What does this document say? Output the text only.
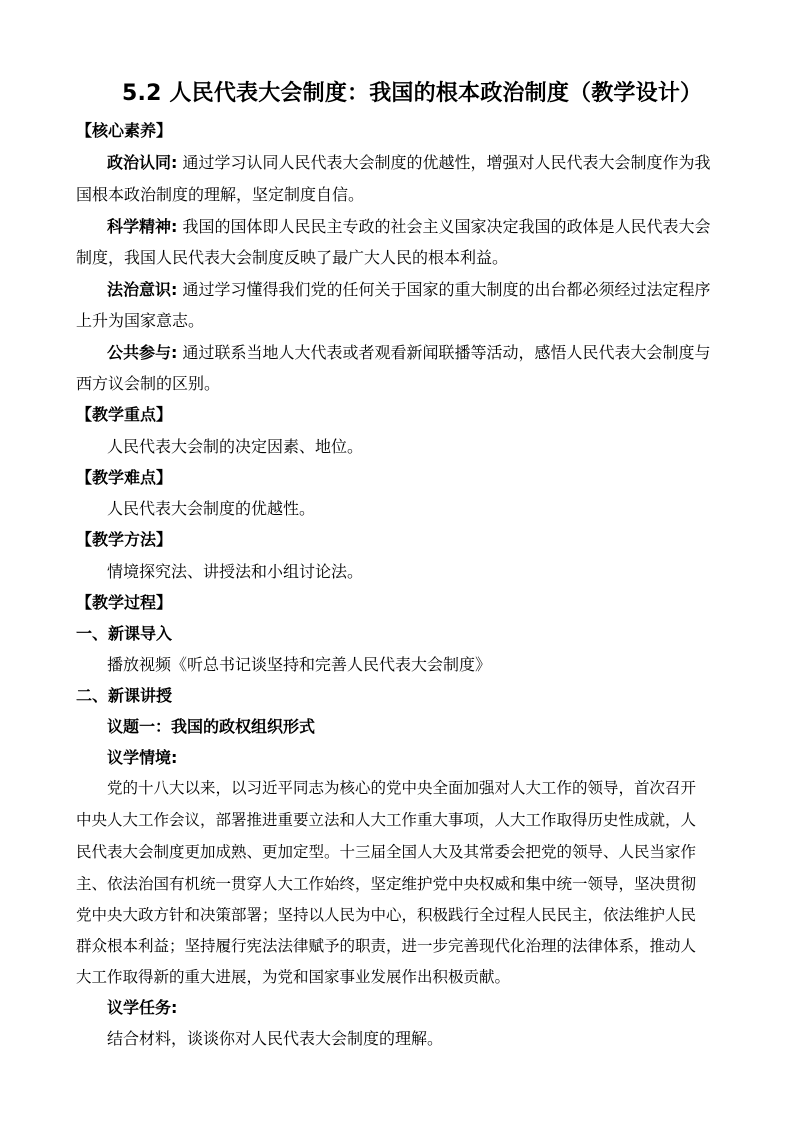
5.2 人民代表大会制度：我国的根本政治制度（教学设计）
【核心素养】
政治认同: 通过学习认同人民代表大会制度的优越性，增强对人民代表大会制度作为我
国根本政治制度的理解，坚定制度自信。
科学精神: 我国的国体即人民民主专政的社会主义国家决定我国的政体是人民代表大会
制度，我国人民代表大会制度反映了最广大人民的根本利益。
法治意识: 通过学习懂得我们党的任何关于国家的重大制度的出台都必须经过法定程序
上升为国家意志。
公共参与: 通过联系当地人大代表或者观看新闻联播等活动，感悟人民代表大会制度与
西方议会制的区别。
【教学重点】
人民代表大会制的决定因素、地位。
【教学难点】
人民代表大会制度的优越性。
【教学方法】
情境探究法、讲授法和小组讨论法。
【教学过程】
一、新课导入
播放视频《听总书记谈坚持和完善人民代表大会制度》
二、新课讲授
议题一：我国的政权组织形式
议学情境:
党的十八大以来，以习近平同志为核心的党中央全面加强对人大工作的领导，首次召开
中央人大工作会议，部署推进重要立法和人大工作重大事项，人大工作取得历史性成就，人
民代表大会制度更加成熟、更加定型。十三届全国人大及其常委会把党的领导、人民当家作
主、依法治国有机统一贯穿人大工作始终，坚定维护党中央权威和集中统一领导，坚决贯彻
党中央大政方针和决策部署；坚持以人民为中心，积极践行全过程人民民主，依法维护人民
群众根本利益；坚持履行宪法法律赋予的职责，进一步完善现代化治理的法律体系，推动人
大工作取得新的重大进展，为党和国家事业发展作出积极贡献。
议学任务:
结合材料，谈谈你对人民代表大会制度的理解。
